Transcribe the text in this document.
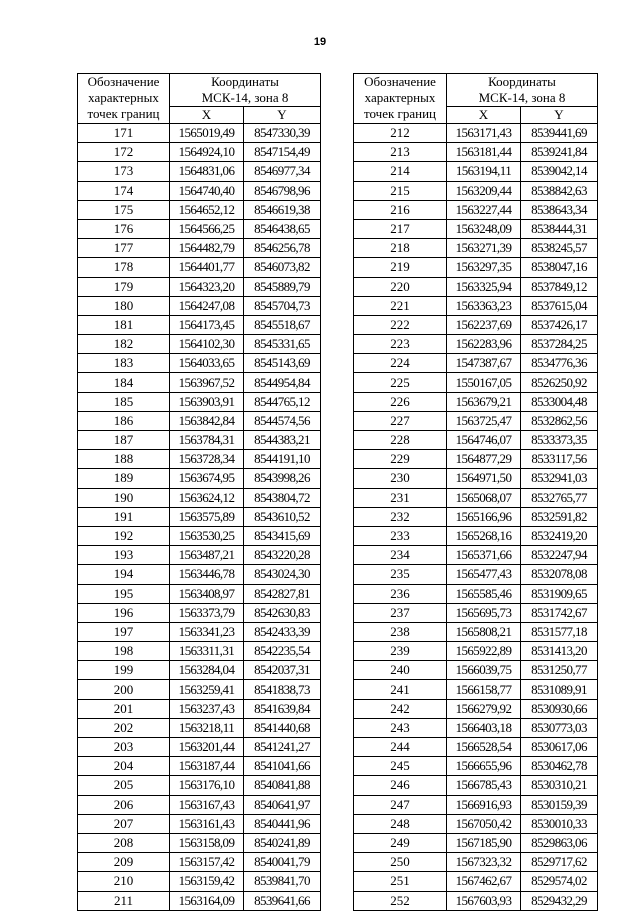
19
Обозначение
характерных
точек границ	Координаты
МСК-14, зона 8	
	X	Y
171	1565019,49	8547330,39
172	1564924,10	8547154,49
173	1564831,06	8546977,34
174	1564740,40	8546798,96
175	1564652,12	8546619,38
176	1564566,25	8546438,65
177	1564482,79	8546256,78
178	1564401,77	8546073,82
179	1564323,20	8545889,79
180	1564247,08	8545704,73
181	1564173,45	8545518,67
182	1564102,30	8545331,65
183	1564033,65	8545143,69
184	1563967,52	8544954,84
185	1563903,91	8544765,12
186	1563842,84	8544574,56
187	1563784,31	8544383,21
188	1563728,34	8544191,10
189	1563674,95	8543998,26
190	1563624,12	8543804,72
191	1563575,89	8543610,52
192	1563530,25	8543415,69
193	1563487,21	8543220,28
194	1563446,78	8543024,30
195	1563408,97	8542827,81
196	1563373,79	8542630,83
197	1563341,23	8542433,39
198	1563311,31	8542235,54
199	1563284,04	8542037,31
200	1563259,41	8541838,73
201	1563237,43	8541639,84
202	1563218,11	8541440,68
203	1563201,44	8541241,27
204	1563187,44	8541041,66
205	1563176,10	8540841,88
206	1563167,43	8540641,97
207	1563161,43	8540441,96
208	1563158,09	8540241,89
209	1563157,42	8540041,79
210	1563159,42	8539841,70
211	1563164,09	8539641,66
Обозначение
характерных
точек границ	Координаты
МСК-14, зона 8	
	X	Y
212	1563171,43	8539441,69
213	1563181,44	8539241,84
214	1563194,11	8539042,14
215	1563209,44	8538842,63
216	1563227,44	8538643,34
217	1563248,09	8538444,31
218	1563271,39	8538245,57
219	1563297,35	8538047,16
220	1563325,94	8537849,12
221	1563363,23	8537615,04
222	1562237,69	8537426,17
223	1562283,96	8537284,25
224	1547387,67	8534776,36
225	1550167,05	8526250,92
226	1563679,21	8533004,48
227	1563725,47	8532862,56
228	1564746,07	8533373,35
229	1564877,29	8533117,56
230	1564971,50	8532941,03
231	1565068,07	8532765,77
232	1565166,96	8532591,82
233	1565268,16	8532419,20
234	1565371,66	8532247,94
235	1565477,43	8532078,08
236	1565585,46	8531909,65
237	1565695,73	8531742,67
238	1565808,21	8531577,18
239	1565922,89	8531413,20
240	1566039,75	8531250,77
241	1566158,77	8531089,91
242	1566279,92	8530930,66
243	1566403,18	8530773,03
244	1566528,54	8530617,06
245	1566655,96	8530462,78
246	1566785,43	8530310,21
247	1566916,93	8530159,39
248	1567050,42	8530010,33
249	1567185,90	8529863,06
250	1567323,32	8529717,62
251	1567462,67	8529574,02
252	1567603,93	8529432,29
